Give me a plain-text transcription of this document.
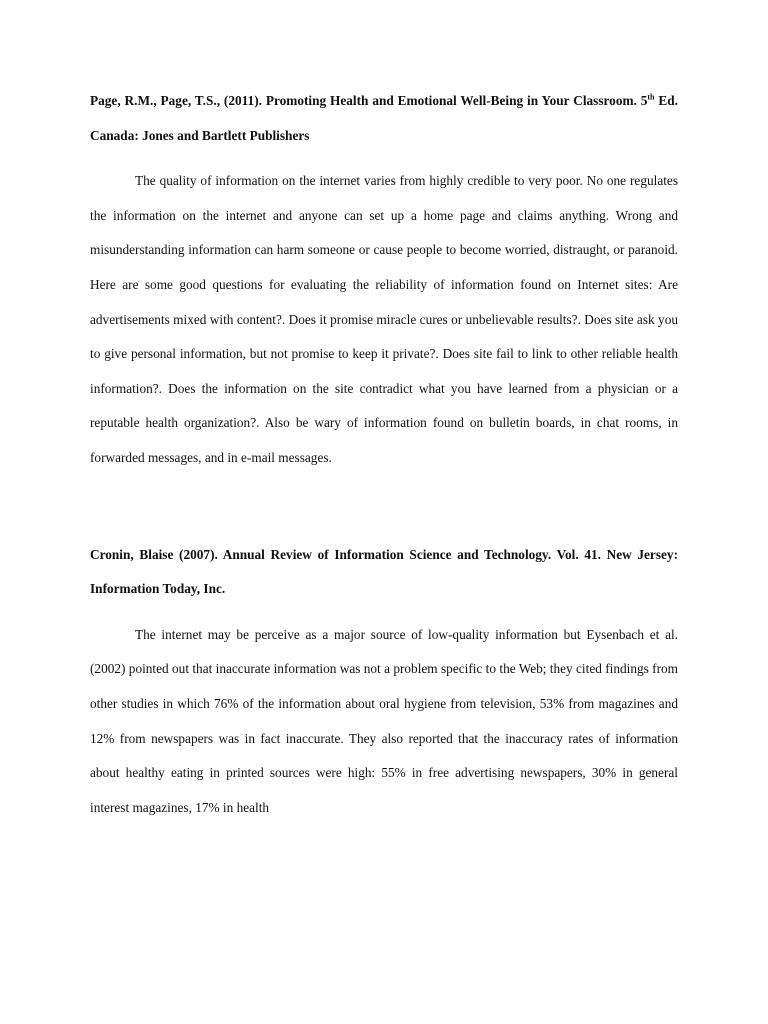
Page, R.M., Page, T.S., (2011). Promoting Health and Emotional Well-Being in Your Classroom. 5th Ed. Canada: Jones and Bartlett Publishers

The quality of information on the internet varies from highly credible to very poor. No one regulates the information on the internet and anyone can set up a home page and claims anything. Wrong and misunderstanding information can harm someone or cause people to become worried, distraught, or paranoid. Here are some good questions for evaluating the reliability of information found on Internet sites: Are advertisements mixed with content?. Does it promise miracle cures or unbelievable results?. Does site ask you to give personal information, but not promise to keep it private?. Does site fail to link to other reliable health information?. Does the information on the site contradict what you have learned from a physician or a reputable health organization?. Also be wary of information found on bulletin boards, in chat rooms, in forwarded messages, and in e-mail messages.

Cronin, Blaise (2007). Annual Review of Information Science and Technology. Vol. 41. New Jersey: Information Today, Inc.

The internet may be perceive as a major source of low-quality information but Eysenbach et al. (2002) pointed out that inaccurate information was not a problem specific to the Web; they cited findings from other studies in which 76% of the information about oral hygiene from television, 53% from magazines and 12% from newspapers was in fact inaccurate. They also reported that the inaccuracy rates of information about healthy eating in printed sources were high: 55% in free advertising newspapers, 30% in general interest magazines, 17% in health
